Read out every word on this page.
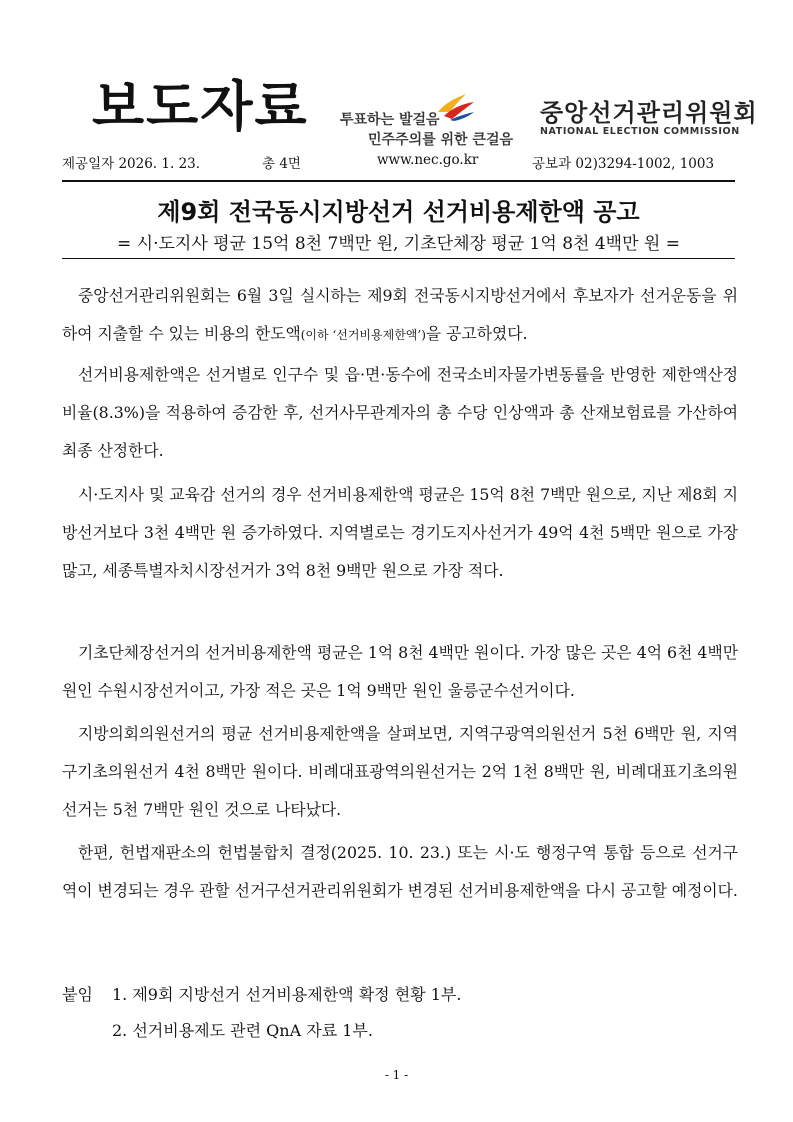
보도자료 투표하는 발걸음
민주주의를 위한 큰걸음
중앙선거관리위원회
NATIONAL ELECTION COMMISSION
제공일자 2026. 1. 23.	총 4면	www.nec.go.kr	공보과 02)3294-1002, 1003
제9회 전국동시지방선거 선거비용제한액 공고
= 시·도지사 평균 15억 8천 7백만 원, 기초단체장 평균 1억 8천 4백만 원 =
중앙선거관리위원회는 6월 3일 실시하는 제9회 전국동시지방선거에서 후보자가 선거운동을 위하여 지출할 수 있는 비용의 한도액(이하 ‘선거비용제한액’)을 공고하였다.
선거비용제한액은 선거별로 인구수 및 읍·면·동수에 전국소비자물가변동률을 반영한 제한액산정비율(8.3%)을 적용하여 증감한 후, 선거사무관계자의 총 수당 인상액과 총 산재보험료를 가산하여 최종 산정한다.
시·도지사 및 교육감 선거의 경우 선거비용제한액 평균은 15억 8천 7백만 원으로, 지난 제8회 지방선거보다 3천 4백만 원 증가하였다. 지역별로는 경기도지사선거가 49억 4천 5백만 원으로 가장 많고, 세종특별자치시장선거가 3억 8천 9백만 원으로 가장 적다.
기초단체장선거의 선거비용제한액 평균은 1억 8천 4백만 원이다. 가장 많은 곳은 4억 6천 4백만 원인 수원시장선거이고, 가장 적은 곳은 1억 9백만 원인 울릉군수선거이다.
지방의회의원선거의 평균 선거비용제한액을 살펴보면, 지역구광역의원선거 5천 6백만 원, 지역구기초의원선거 4천 8백만 원이다. 비례대표광역의원선거는 2억 1천 8백만 원, 비례대표기초의원선거는 5천 7백만 원인 것으로 나타났다.
한편, 헌법재판소의 헌법불합치 결정(2025. 10. 23.) 또는 시·도 행정구역 통합 등으로 선거구역이 변경되는 경우 관할 선거구선거관리위원회가 변경된 선거비용제한액을 다시 공고할 예정이다.
붙임 1. 제9회 지방선거 선거비용제한액 확정 현황 1부.
2. 선거비용제도 관련 QnA 자료 1부.
- 1 -
